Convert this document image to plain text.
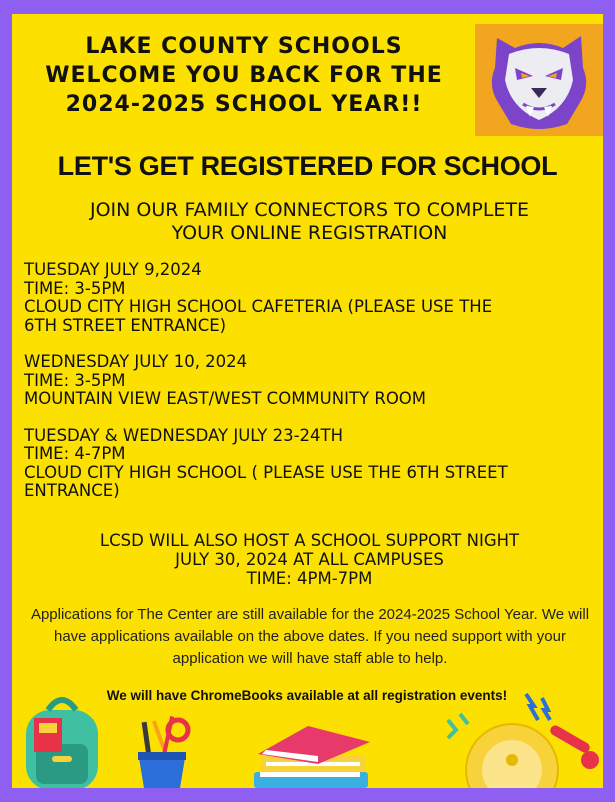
LAKE COUNTY SCHOOLS
WELCOME YOU BACK FOR THE
2024-2025 SCHOOL YEAR!!
LET'S GET REGISTERED FOR SCHOOL
JOIN OUR FAMILY CONNECTORS TO COMPLETE
YOUR ONLINE REGISTRATION
TUESDAY JULY 9,2024
TIME: 3-5PM
CLOUD CITY HIGH SCHOOL CAFETERIA (PLEASE USE THE
6TH STREET ENTRANCE)
WEDNESDAY JULY 10, 2024
TIME: 3-5PM
MOUNTAIN VIEW EAST/WEST COMMUNITY ROOM
TUESDAY & WEDNESDAY JULY 23-24TH
TIME: 4-7PM
CLOUD CITY HIGH SCHOOL ( PLEASE USE THE 6TH STREET
ENTRANCE)
LCSD WILL ALSO HOST A SCHOOL SUPPORT NIGHT
JULY 30, 2024 AT ALL CAMPUSES
TIME: 4PM-7PM
Applications for The Center are still available for the 2024-2025 School Year. We will have applications available on the above dates. If you need support with your application we will have staff able to help.
We will have ChromeBooks available at all registration events!
